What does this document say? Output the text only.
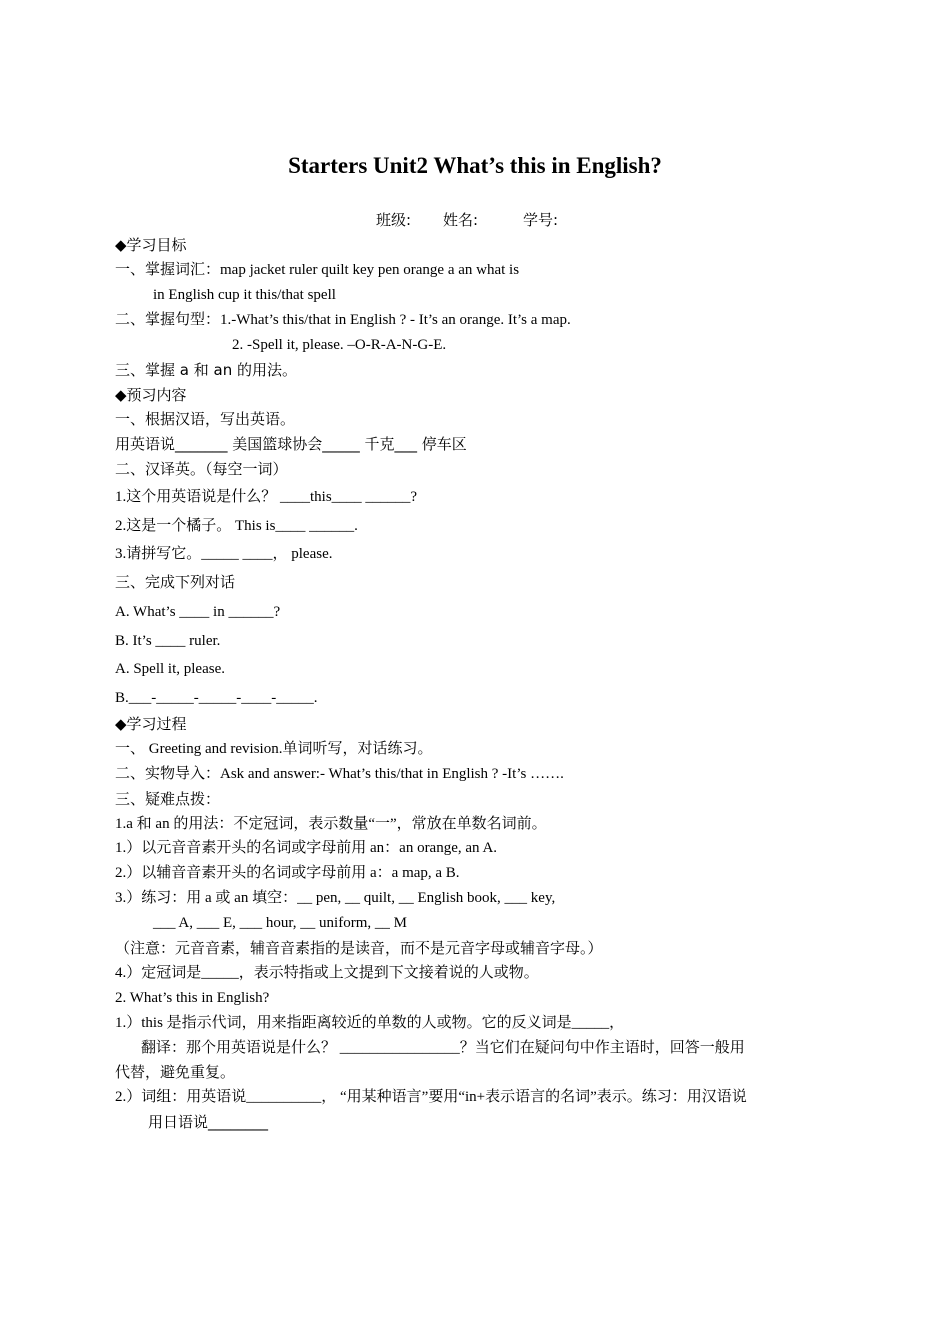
Starters Unit2 What’s this in English?
班级: 姓名:	学号:
◆学习目标
一、掌握词汇：map jacket ruler quilt key pen orange a an what is
in English cup it this/that spell
二、掌握句型：1.-What’s this/that in English ? - It’s an orange. It’s a map.
2. -Spell it, please. –O-R-A-N-G-E.
三、掌握 a 和 an 的用法。
◆预习内容
一、根据汉语，写出英语。
用英语说_______ 美国篮球协会_____ 千克___ 停车区
二、汉译英。（每空一词）
1.这个用英语说是什么？ ____this____ ______?
2.这是一个橘子。 This is____ ______.
3.请拼写它。_____ ____， please.
三、完成下列对话
A. What’s ____ in ______?
B. It’s ____ ruler.
A. Spell it, please.
B.___-_____-_____-____-_____.
◆学习过程
一、 Greeting and revision.单词听写，对话练习。
二、实物导入：Ask and answer:- What’s this/that in English ? -It’s …….
三、疑难点拨：
1.a 和 an 的用法：不定冠词，表示数量“一”，常放在单数名词前。
1.）以元音音素开头的名词或字母前用 an：an orange, an A.
2.）以辅音音素开头的名词或字母前用 a：a map, a B.
3.）练习：用 a 或 an 填空：__ pen, __ quilt, __ English book, ___ key,
___ A, ___ E, ___ hour, __ uniform, __ M
（注意：元音音素，辅音音素指的是读音，而不是元音字母或辅音字母。）
4.）定冠词是_____，表示特指或上文提到下文接着说的人或物。
2. What’s this in English?
1.）this 是指示代词，用来指距离较近的单数的人或物。它的反义词是_____，
翻译：那个用英语说是什么？ ________________？当它们在疑问句中作主语时，回答一般用
代替，避免重复。
2.）词组：用英语说__________， “用某种语言”要用“in+表示语言的名词”表示。练习：用汉语说
用日语说________
